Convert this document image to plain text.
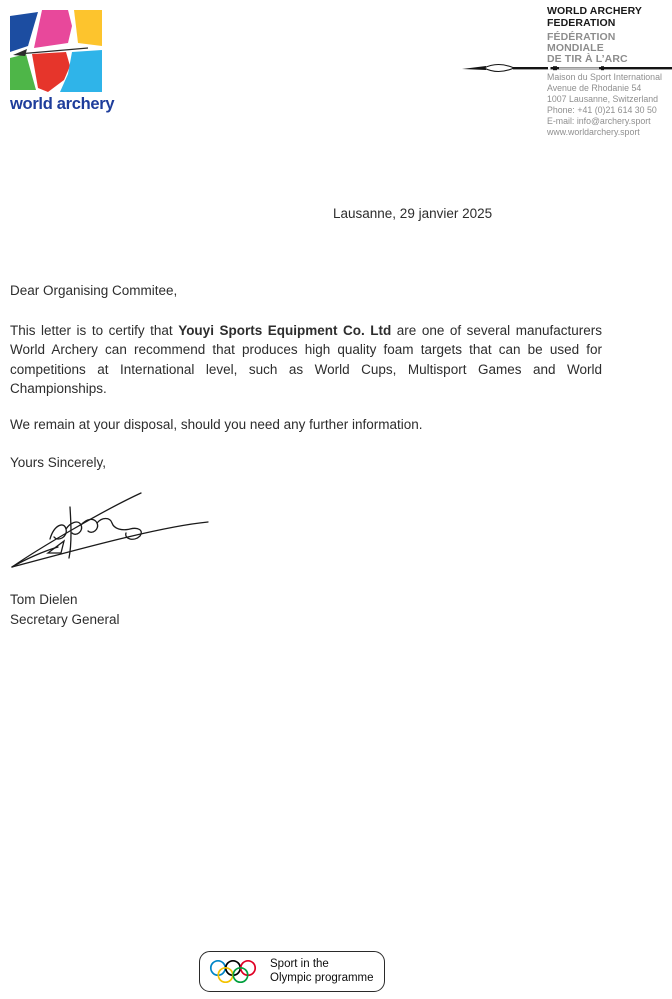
world archery
WORLD ARCHERY
FEDERATION
FÉDÉRATION
MONDIALE
DE TIR À L’ARC
Maison du Sport International
Avenue de Rhodanie 54
1007 Lausanne, Switzerland
Phone: +41 (0)21 614 30 50
E-mail: info@archery.sport
www.worldarchery.sport
Lausanne, 29 janvier 2025
Dear Organising Commitee,

This letter is to certify that Youyi Sports Equipment Co. Ltd are one of several manufacturers World Archery can recommend that produces high quality foam targets that can be used for competitions at International level, such as World Cups, Multisport Games and World Championships.

We remain at your disposal, should you need any further information.

Yours Sincerely,
Tom Dielen
Secretary General
Sport in the
Olympic programme
